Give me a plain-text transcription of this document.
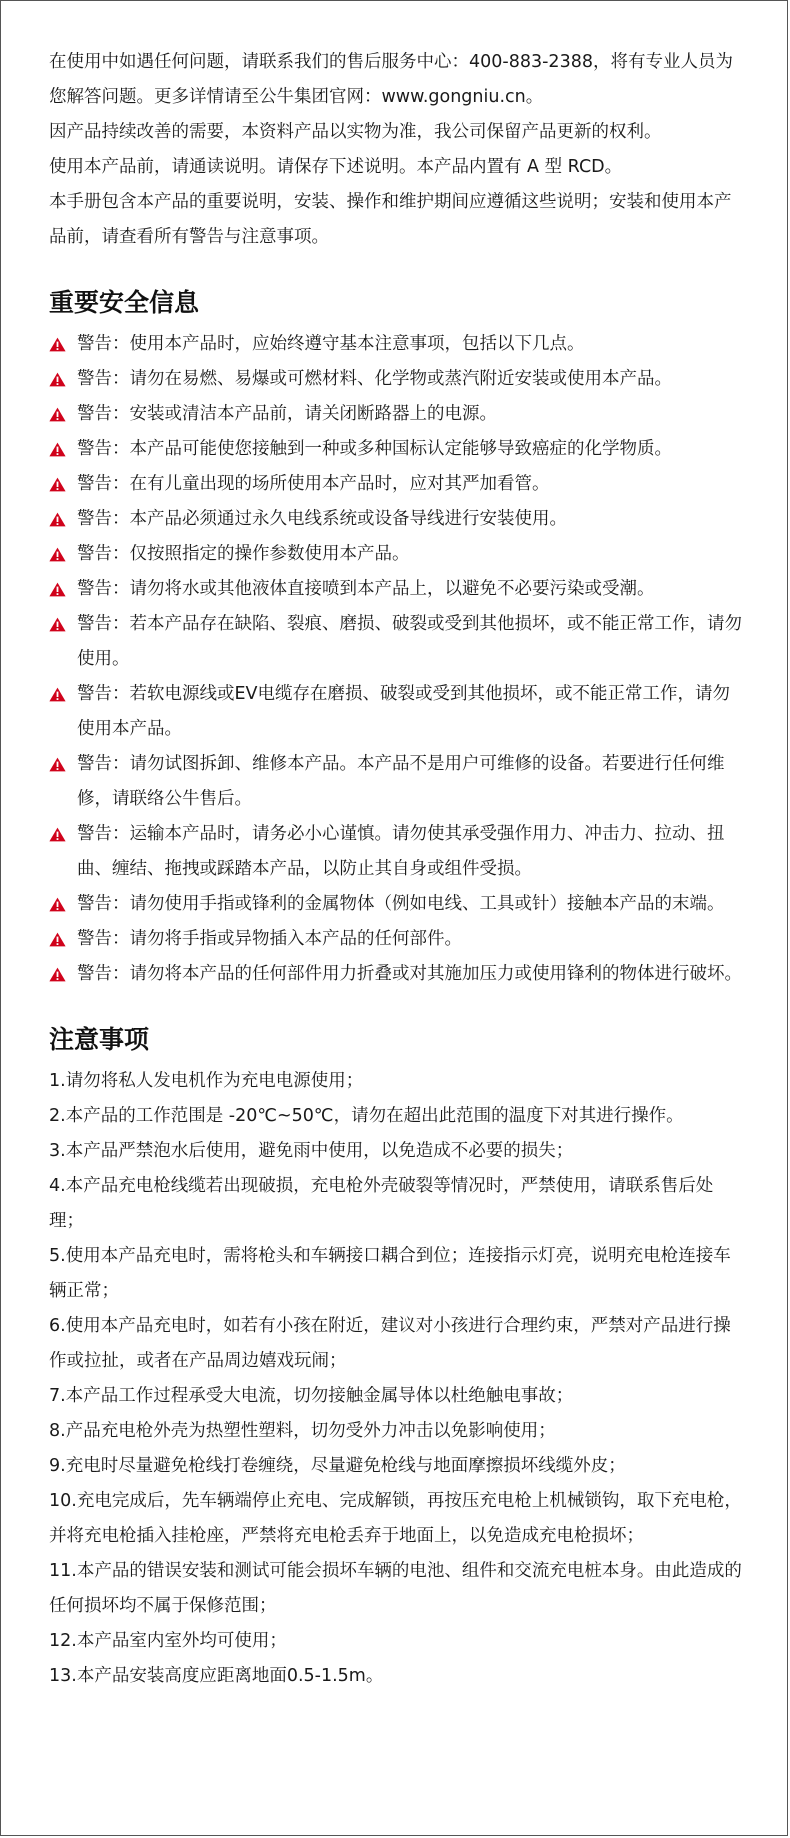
在使用中如遇任何问题，请联系我们的售后服务中心：400-883-2388，将有专业人员为您解答问题。更多详情请至公牛集团官网：www.gongniu.cn。

因产品持续改善的需要，本资料产品以实物为准，我公司保留产品更新的权利。

使用本产品前，请通读说明。请保存下述说明。本产品内置有 A 型 RCD。

本手册包含本产品的重要说明，安装、操作和维护期间应遵循这些说明；安装和使用本产品前，请查看所有警告与注意事项。

重要安全信息
警告：使用本产品时，应始终遵守基本注意事项，包括以下几点。
警告：请勿在易燃、易爆或可燃材料、化学物或蒸汽附近安装或使用本产品。
警告：安装或清洁本产品前，请关闭断路器上的电源。
警告：本产品可能使您接触到一种或多种国标认定能够导致癌症的化学物质。
警告：在有儿童出现的场所使用本产品时，应对其严加看管。
警告：本产品必须通过永久电线系统或设备导线进行安装使用。
警告：仅按照指定的操作参数使用本产品。
警告：请勿将水或其他液体直接喷到本产品上，以避免不必要污染或受潮。
警告：若本产品存在缺陷、裂痕、磨损、破裂或受到其他损坏，或不能正常工作，请勿使用。
警告：若软电源线或EV电缆存在磨损、破裂或受到其他损坏，或不能正常工作，请勿使用本产品。
警告：请勿试图拆卸、维修本产品。本产品不是用户可维修的设备。若要进行任何维修，请联络公牛售后。
警告：运输本产品时，请务必小心谨慎。请勿使其承受强作用力、冲击力、拉动、扭曲、缠结、拖拽或踩踏本产品，以防止其自身或组件受损。
警告：请勿使用手指或锋利的金属物体（例如电线、工具或针）接触本产品的末端。
警告：请勿将手指或异物插入本产品的任何部件。
警告：请勿将本产品的任何部件用力折叠或对其施加压力或使用锋利的物体进行破坏。
注意事项
1.请勿将私人发电机作为充电电源使用；
2.本产品的工作范围是 -20℃~50℃，请勿在超出此范围的温度下对其进行操作。
3.本产品严禁泡水后使用，避免雨中使用，以免造成不必要的损失；
4.本产品充电枪线缆若出现破损，充电枪外壳破裂等情况时，严禁使用，请联系售后处理；
5.使用本产品充电时，需将枪头和车辆接口耦合到位；连接指示灯亮，说明充电枪连接车辆正常；
6.使用本产品充电时，如若有小孩在附近，建议对小孩进行合理约束，严禁对产品进行操作或拉扯，或者在产品周边嬉戏玩闹；
7.本产品工作过程承受大电流，切勿接触金属导体以杜绝触电事故；
8.产品充电枪外壳为热塑性塑料，切勿受外力冲击以免影响使用；
9.充电时尽量避免枪线打卷缠绕，尽量避免枪线与地面摩擦损坏线缆外皮；
10.充电完成后，先车辆端停止充电、完成解锁，再按压充电枪上机械锁钩，取下充电枪，并将充电枪插入挂枪座，严禁将充电枪丢弃于地面上，以免造成充电枪损坏；
11.本产品的错误安装和测试可能会损坏车辆的电池、组件和交流充电桩本身。由此造成的任何损坏均不属于保修范围；
12.本产品室内室外均可使用；
13.本产品安装高度应距离地面0.5-1.5m。
